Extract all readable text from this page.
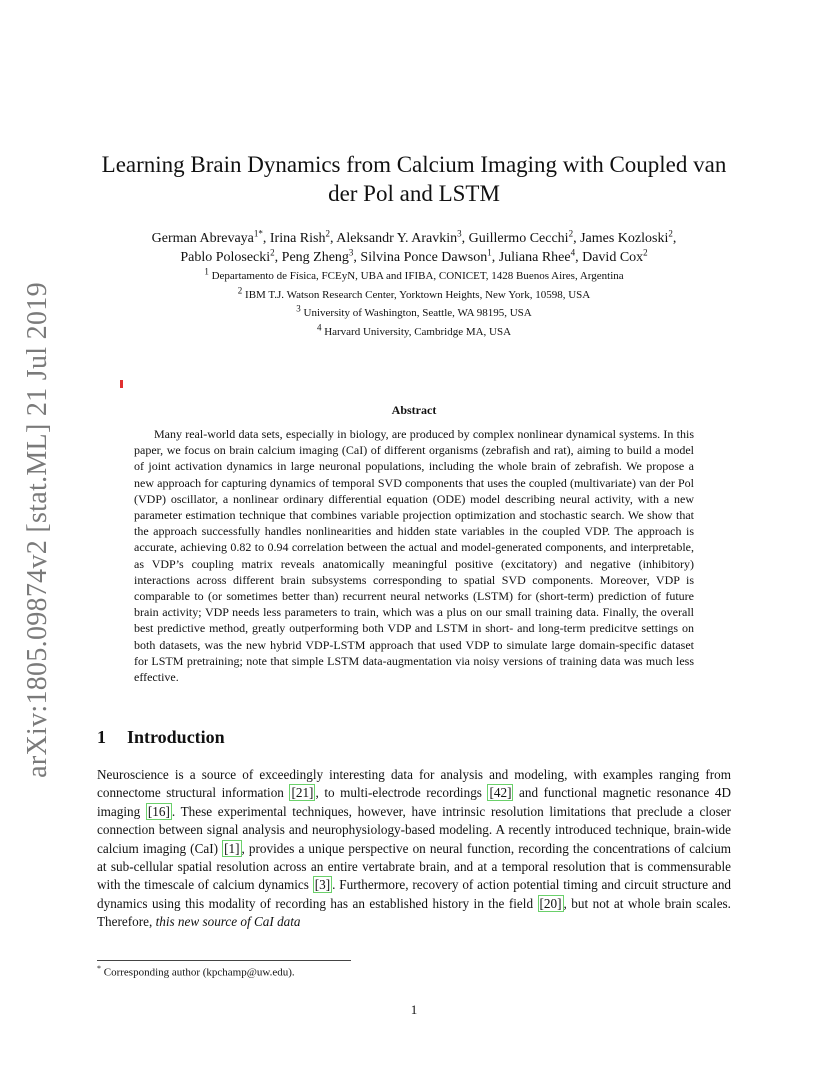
arXiv:1805.09874v2 [stat.ML] 21 Jul 2019
Learning Brain Dynamics from Calcium Imaging with Coupled van der Pol and LSTM
German Abrevaya$^{1*}$, Irina Rish$^2$, Aleksandr Y. Aravkin$^3$, Guillermo Cecchi$^2$, James Kozloski$^2$,
Pablo Polosecki$^2$, Peng Zheng$^3$, Silvina Ponce Dawson$^1$, Juliana Rhee$^4$, David Cox$^2$
$^1$ Departamento de Física, FCEyN, UBA and IFIBA, CONICET, 1428 Buenos Aires, Argentina
$^2$ IBM T.J. Watson Research Center, Yorktown Heights, New York, 10598, USA
$^3$ University of Washington, Seattle, WA 98195, USA
$^4$ Harvard University, Cambridge MA, USA
Abstract

Many real-world data sets, especially in biology, are produced by complex nonlinear dynamical systems. In this paper, we focus on brain calcium imaging (CaI) of different organisms (zebrafish and rat), aiming to build a model of joint activation dynamics in large neuronal populations, including the whole brain of zebrafish. We propose a new approach for capturing dynamics of temporal SVD components that uses the coupled (multivariate) van der Pol (VDP) oscillator, a nonlinear ordinary differential equation (ODE) model describing neural activity, with a new parameter estimation technique that combines variable projection optimization and stochastic search. We show that the approach successfully handles nonlinearities and hidden state variables in the coupled VDP. The approach is accurate, achieving 0.82 to 0.94 correlation between the actual and model-generated components, and interpretable, as VDP’s coupling matrix reveals anatomically meaningful positive (excitatory) and negative (inhibitory) interactions across different brain subsystems corresponding to spatial SVD components. Moreover, VDP is comparable to (or sometimes better than) recurrent neural networks (LSTM) for (short-term) prediction of future brain activity; VDP needs less parameters to train, which was a plus on our small training data. Finally, the overall best predictive method, greatly outperforming both VDP and LSTM in short- and long-term predicitve settings on both datasets, was the new hybrid VDP-LSTM approach that used VDP to simulate large domain-specific dataset for LSTM pretraining; note that simple LSTM data-augmentation via noisy versions of training data was much less effective.

1 Introduction

Neuroscience is a source of exceedingly interesting data for analysis and modeling, with examples ranging from connectome structural information [21] , to multi-electrode recordings [42] and functional magnetic resonance 4D imaging [16] . These experimental techniques, however, have intrinsic resolution limitations that preclude a closer connection between signal analysis and neurophysiology-based modeling. A recently introduced technique, brain-wide calcium imaging (CaI) [1] , provides a unique perspective on neural function, recording the concentrations of calcium at sub-cellular spatial resolution across an entire vertabrate brain, and at a temporal resolution that is commensurable with the timescale of calcium dynamics [3] . Furthermore, recovery of action potential timing and circuit structure and dynamics using this modality of recording has an established history in the field [20] , but not at whole brain scales. Therefore, this new source of CaI data

* Corresponding author (kpchamp@uw.edu).
1
